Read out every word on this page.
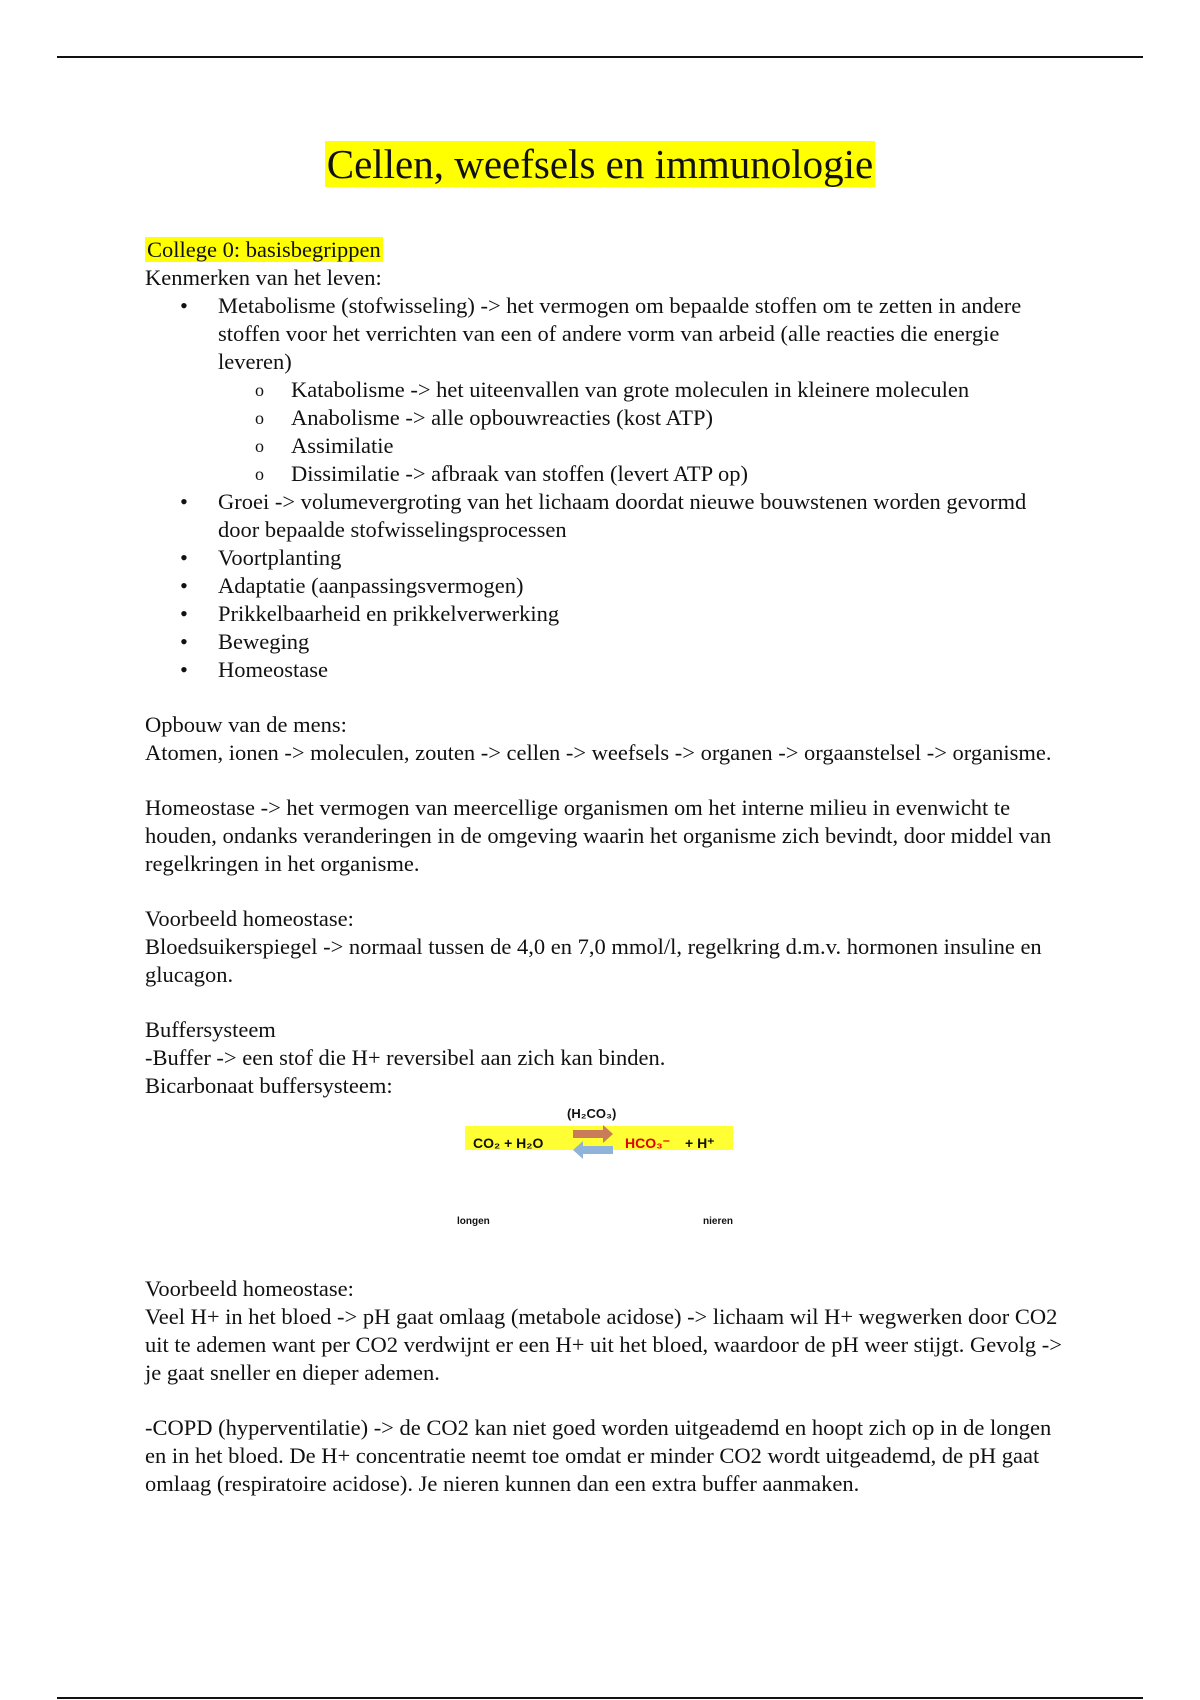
Cellen, weefsels en immunologie

College 0: basisbegrippen

Kenmerken van het leven:

• Metabolisme (stofwisseling) -> het vermogen om bepaalde stoffen om te zetten in andere stoffen voor het verrichten van een of andere vorm van arbeid (alle reacties die energie leveren)
o Katabolisme -> het uiteenvallen van grote moleculen in kleinere moleculen
o Anabolisme -> alle opbouwreacties (kost ATP)
o Assimilatie
o Dissimilatie -> afbraak van stoffen (levert ATP op)
• Groei -> volumevergroting van het lichaam doordat nieuwe bouwstenen worden gevormd door bepaalde stofwisselingsprocessen
• Voortplanting
• Adaptatie (aanpassingsvermogen)
• Prikkelbaarheid en prikkelverwerking
• Beweging
• Homeostase

Opbouw van de mens:

Atomen, ionen -> moleculen, zouten -> cellen -> weefsels -> organen -> orgaanstelsel -> organisme.

Homeostase -> het vermogen van meercellige organismen om het interne milieu in evenwicht te houden, ondanks veranderingen in de omgeving waarin het organisme zich bevindt, door middel van regelkringen in het organisme.

Voorbeeld homeostase:

Bloedsuikerspiegel -> normaal tussen de 4,0 en 7,0 mmol/l, regelkring d.m.v. hormonen insuline en glucagon.

Buffersysteem

-Buffer -> een stof die H+ reversibel aan zich kan binden.

Bicarbonaat buffersysteem:

(H₂CO₃)
CO₂ + H₂O	HCO₃⁻ + H⁺
longen	nieren

Voorbeeld homeostase:

Veel H+ in het bloed -> pH gaat omlaag (metabole acidose) -> lichaam wil H+ wegwerken door CO2 uit te ademen want per CO2 verdwijnt er een H+ uit het bloed, waardoor de pH weer stijgt. Gevolg -> je gaat sneller en dieper ademen.

-COPD (hyperventilatie) -> de CO2 kan niet goed worden uitgeademd en hoopt zich op in de longen en in het bloed. De H+ concentratie neemt toe omdat er minder CO2 wordt uitgeademd, de pH gaat omlaag (respiratoire acidose). Je nieren kunnen dan een extra buffer aanmaken.
